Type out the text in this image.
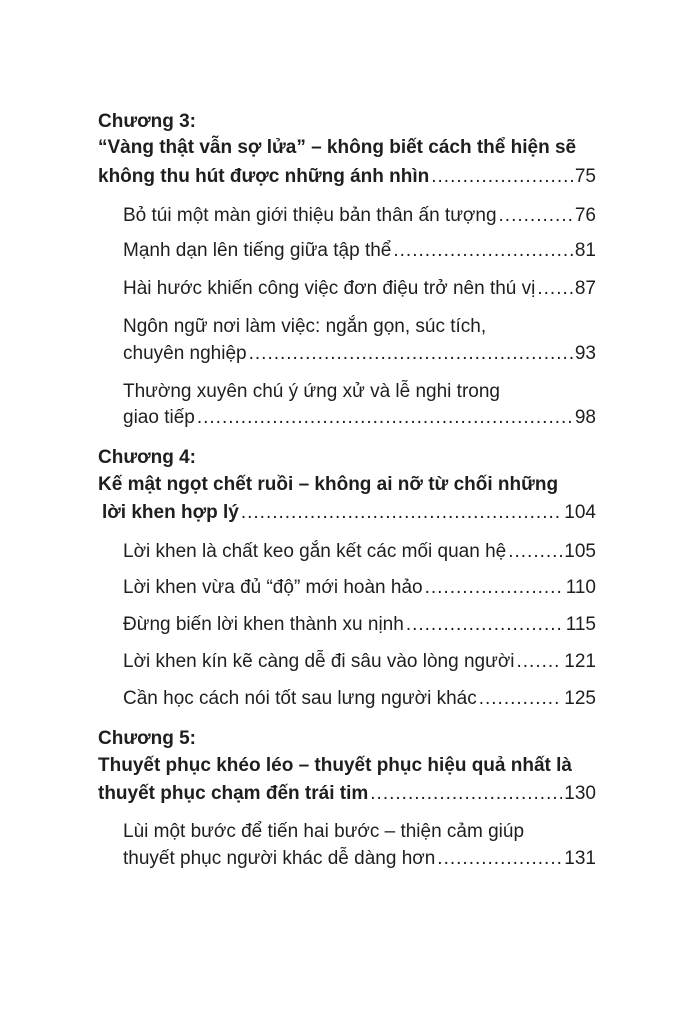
Chương 3:
“Vàng thật vẫn sợ lửa” – không biết cách thể hiện sẽ
không thu hút được những ánh nhìn .....	75
Bỏ túi một màn giới thiệu bản thân ấn tượng .....	76
Mạnh dạn lên tiếng giữa tập thể .....	81
Hài hước khiến công việc đơn điệu trở nên thú vị ..... 87
Ngôn ngữ nơi làm việc: ngắn gọn, súc tích,
chuyên nghiệp .....	93
Thường xuyên chú ý ứng xử và lễ nghi trong
giao tiếp .....	98
Chương 4:
Kế mật ngọt chết ruồi – không ai nỡ từ chối những
lời khen hợp lý .....	104
Lời khen là chất keo gắn kết các mối quan hệ .....	105
Lời khen vừa đủ “độ” mới hoàn hảo .....	110
Đừng biến lời khen thành xu nịnh .....	115
Lời khen kín kẽ càng dễ đi sâu vào lòng người .....	121
Cần học cách nói tốt sau lưng người khác .....	125
Chương 5:
Thuyết phục khéo léo – thuyết phục hiệu quả nhất là
thuyết phục chạm đến trái tim .....	130
Lùi một bước để tiến hai bước – thiện cảm giúp
thuyết phục người khác dễ dàng hơn .....	131
